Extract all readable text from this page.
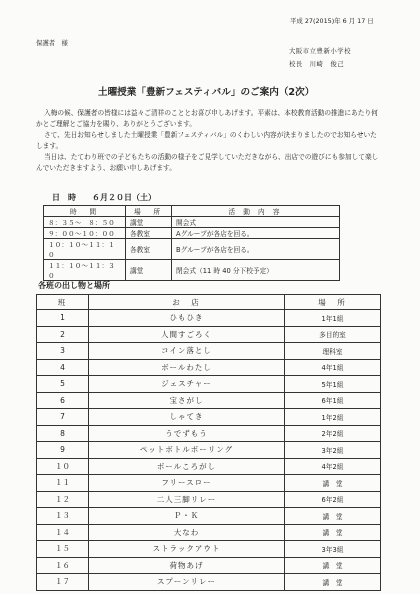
平成 27(2015)年 6 月 17 日
保護者　様
大阪市立豊新小学校
校長　川崎　俊己
土曜授業「豊新フェスティバル」のご案内（2次）

入梅の候、保護者の皆様には益々ご清祥のこととお喜び申しあげます。平素は、本校教育活動の推進にあたり何かとご理解とご協力を賜り、ありがとうございます。

さて、先日お知らせしました土曜授業「豊新フェスティバル」のくわしい内容が決まりましたのでお知らせいたします。

当日は、たてわり班での子どもたちの活動の様子をご見学していただきながら、出店での遊びにも参加して楽しんでいただきますよう、お願い申しあげます。

日　時　　６月２０日（土）
時　間	場　所	活 動 内 容
８：３５～　８：５０	講堂	開会式
９：００～１０：００	各教室	Aグループが各店を回る。
１０：１０～１１：１０	各教室	Bグループが各店を回る。
１１：１０～１１：３０	講堂	閉会式（11 時 40 分下校予定）
各班の出し物と場所
班	お　店	場　所
1	ひもひき	1年1組
2	人間すごろく	多目的室
3	コイン落とし	理科室
4	ボールわたし	4年1組
5	ジェスチャー	5年1組
6	宝さがし	6年1組
7	しゃてき	1年2組
8	うでずもう	2年2組
9	ペットボトルボーリング	3年2組
１０	ボールころがし	4年2組
１１	フリースロー	講　堂
１２	二人三脚リレー	6年2組
１３	Ｐ・Ｋ	講　堂
１４	大なわ	講　堂
１５	ストラックアウト	3年3組
１６	荷物あげ	講　堂
１７	スプーンリレー	講　堂
